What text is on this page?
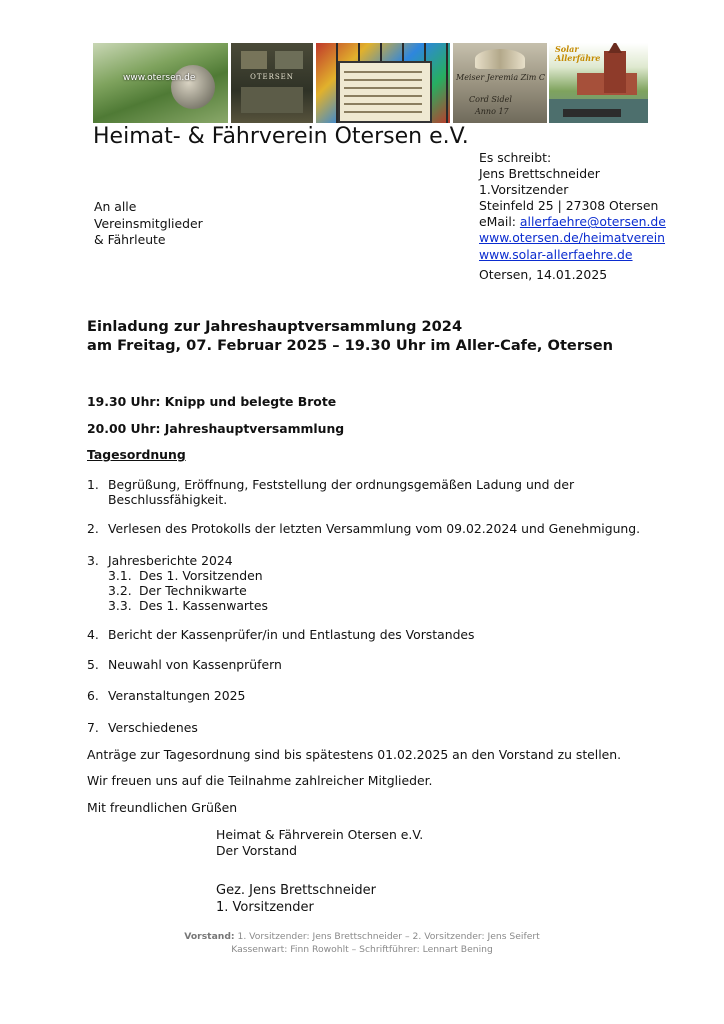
www.otersen.de	OTERSEN	Meiser Jeremia Zim C
Cord Sidel
Anno 17
Solar
Allerfähre
Heimat- & Fährverein Otersen e.V.
Es schreibt:
Jens Brettschneider
1.Vorsitzender
Steinfeld 25 | 27308 Otersen
eMail: allerfaehre@otersen.de
www.otersen.de/heimatverein
www.solar-allerfaehre.de
An alle
Vereinsmitglieder
& Fährleute
Otersen, 14.01.2025
Einladung zur Jahreshauptversammlung 2024
am Freitag, 07. Februar 2025 – 19.30 Uhr im Aller-Cafe, Otersen
19.30 Uhr: Knipp und belegte Brote
20.00 Uhr: Jahreshauptversammlung
Tagesordnung
1. Begrüßung, Eröffnung, Feststellung der ordnungsgemäßen Ladung und der
Beschlussfähigkeit.
2. Verlesen des Protokolls der letzten Versammlung vom 09.02.2024 und Genehmigung.
3. Jahresberichte 2024
3.1. Des 1. Vorsitzenden
3.2. Der Technikwarte
3.3. Des 1. Kassenwartes
4. Bericht der Kassenprüfer/in und Entlastung des Vorstandes
5. Neuwahl von Kassenprüfern
6. Veranstaltungen 2025
7. Verschiedenes
Anträge zur Tagesordnung sind bis spätestens 01.02.2025 an den Vorstand zu stellen.
Wir freuen uns auf die Teilnahme zahlreicher Mitglieder.
Mit freundlichen Grüßen
Heimat & Fährverein Otersen e.V.
Der Vorstand
Gez. Jens Brettschneider
1. Vorsitzender
Vorstand: 1. Vorsitzender: Jens Brettschneider – 2. Vorsitzender: Jens Seifert
Kassenwart: Finn Rowohlt – Schriftführer: Lennart Bening
